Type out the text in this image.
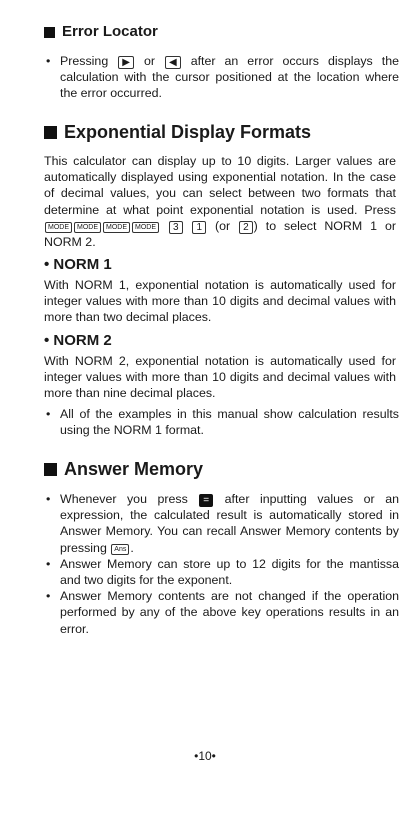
Error Locator
• Pressing ▶ or ◀ after an error occurs displays the calculation with the cursor positioned at the location where the error occurred.
Exponential Display Formats

This calculator can display up to 10 digits. Larger values are automatically displayed using exponential notation. In the case of decimal values, you can select between two formats that determine at what point exponential notation is used. Press MODE MODE MODE MODE 3 1 (or 2 ) to select NORM 1 or NORM 2.

• NORM 1

With NORM 1, exponential notation is automatically used for integer values with more than 10 digits and decimal values with more than two decimal places.

• NORM 2

With NORM 2, exponential notation is automatically used for integer values with more than 10 digits and decimal values with more than nine decimal places.

• All of the examples in this manual show calculation results using the NORM 1 format.
Answer Memory
• Whenever you press = after inputting values or an expression, the calculated result is automatically stored in Answer Memory. You can recall Answer Memory contents by pressing Ans .
• Answer Memory can store up to 12 digits for the mantissa and two digits for the exponent.
• Answer Memory contents are not changed if the operation performed by any of the above key operations results in an error.
•10•
